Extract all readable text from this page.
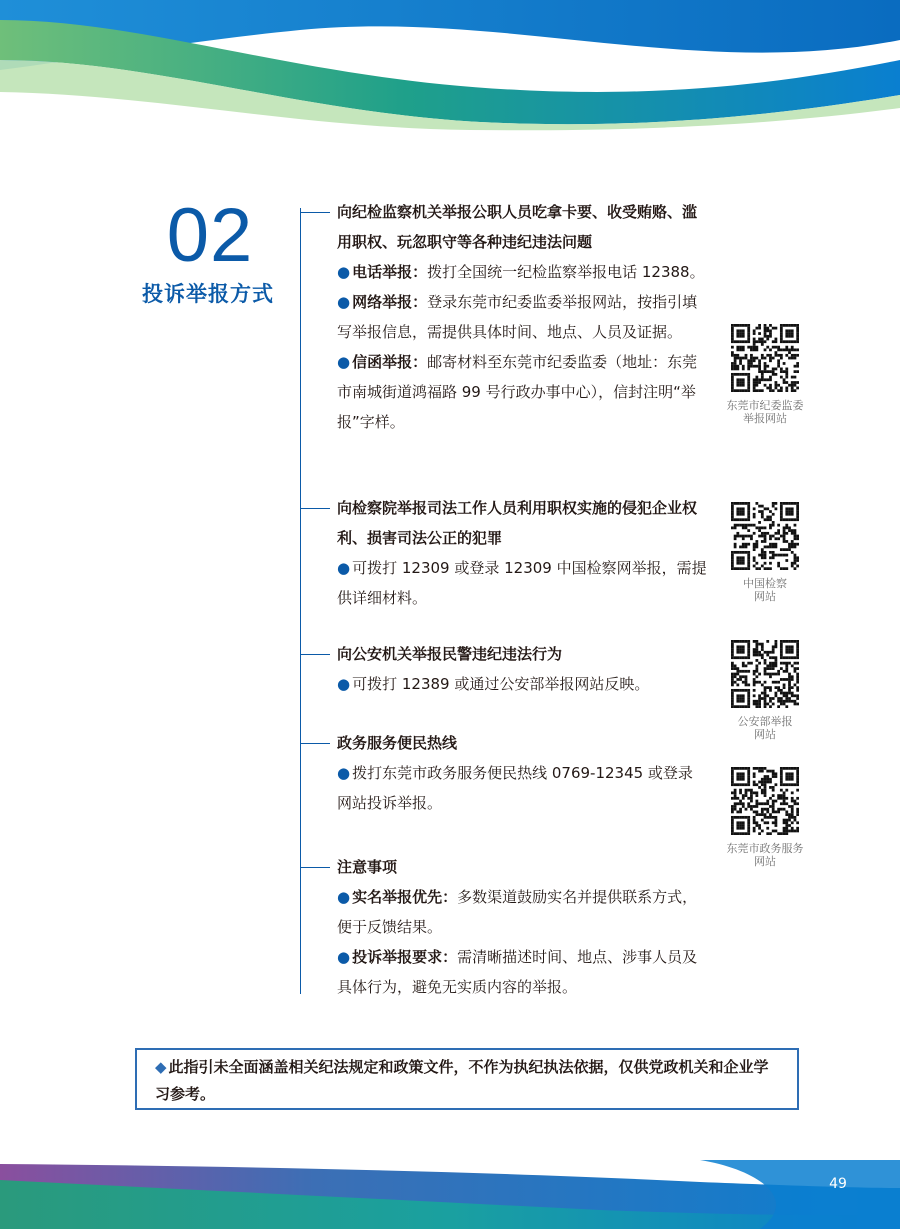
02
投诉举报方式

向纪检监察机关举报公职人员吃拿卡要、收受贿赂、滥用职权、玩忽职守等各种违纪违法问题

● 电话举报：拨打全国统一纪检监察举报电话 12388。

● 网络举报：登录东莞市纪委监委举报网站，按指引填写举报信息，需提供具体时间、地点、人员及证据。

● 信函举报：邮寄材料至东莞市纪委监委（地址：东莞市南城街道鸿福路 99 号行政办事中心），信封注明“举报”字样。

向检察院举报司法工作人员利用职权实施的侵犯企业权利、损害司法公正的犯罪

● 可拨打 12309 或登录 12309 中国检察网举报，需提供详细材料。

向公安机关举报民警违纪违法行为

● 可拨打 12389 或通过公安部举报网站反映。

政务服务便民热线

● 拨打东莞市政务服务便民热线 0769-12345 或登录网站投诉举报。

注意事项

● 实名举报优先：多数渠道鼓励实名并提供联系方式，便于反馈结果。

● 投诉举报要求：需清晰描述时间、地点、涉事人员及具体行为，避免无实质内容的举报。

东莞市纪委监委
举报网站
中国检察
网站
公安部举报
网站
东莞市政务服务
网站
◆ 此指引未全面涵盖相关纪法规定和政策文件，不作为执纪执法依据，仅供党政机关和企业学习参考。
49
